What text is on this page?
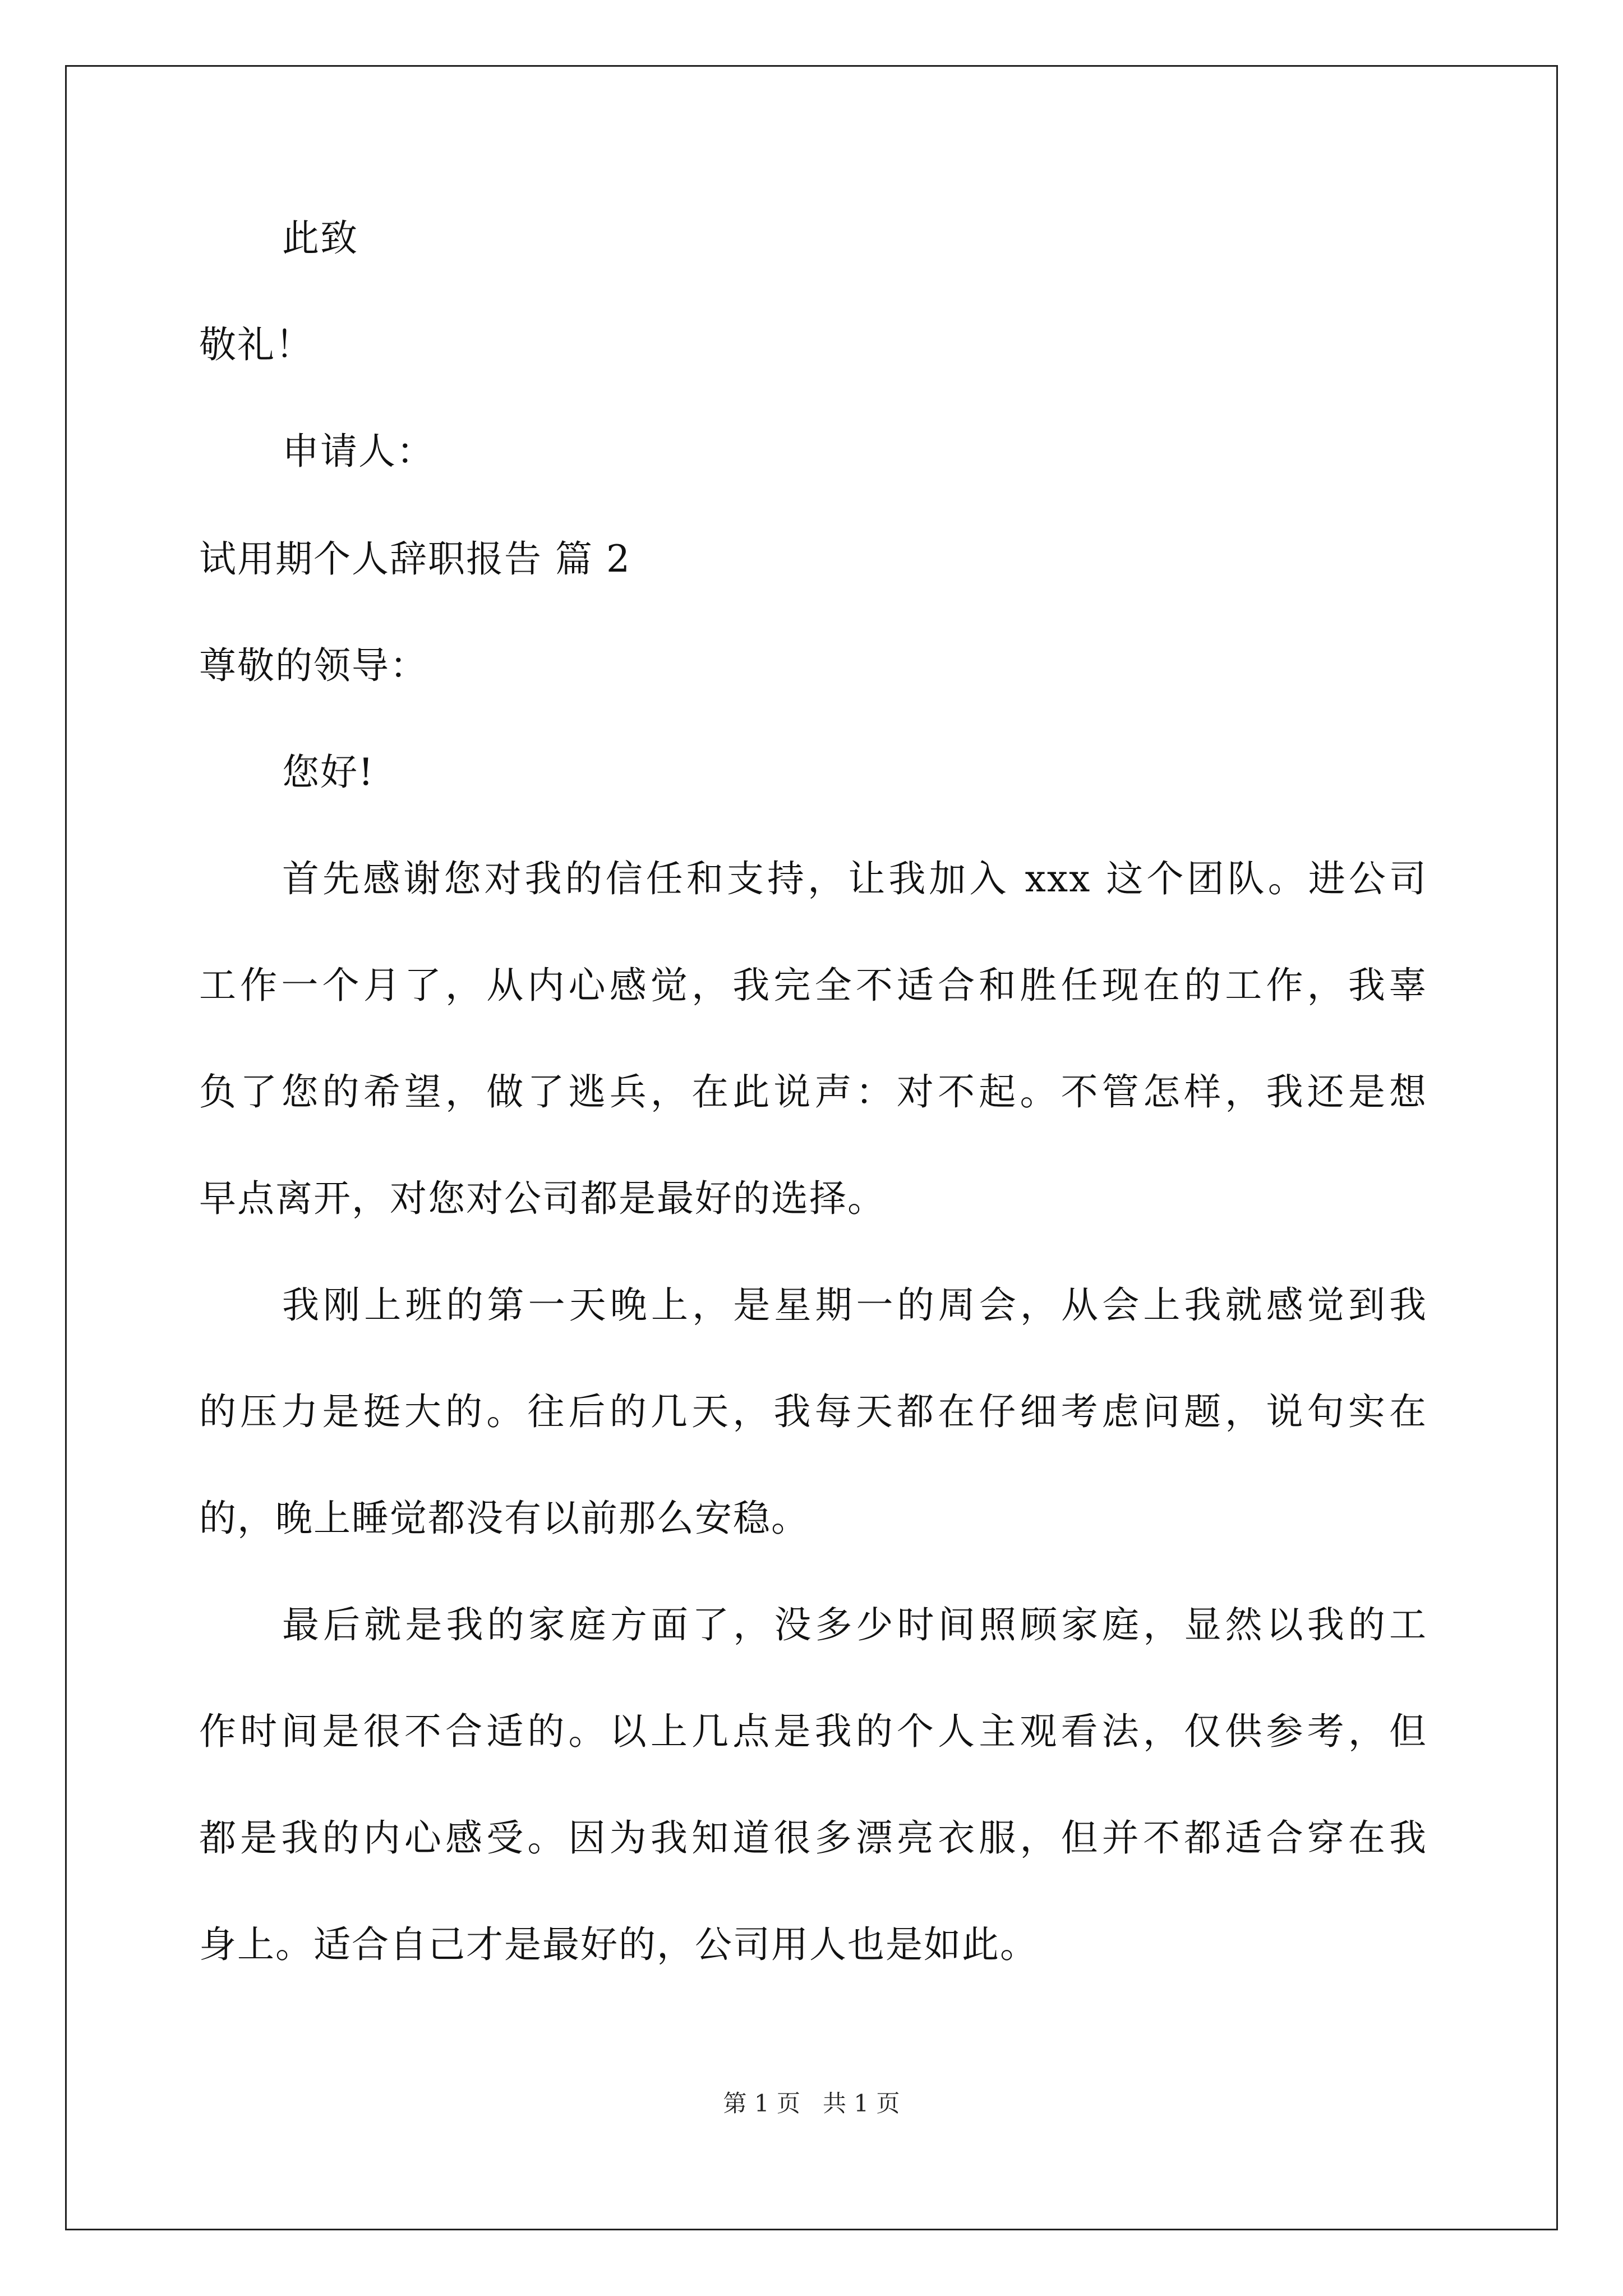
此致
敬礼！
申请人：
试用期个人辞职报告 篇 2
尊敬的领导：
您好!
首先感谢您对我的信任和支持，让我加入 xxx 这个团队。进公司
工作一个月了，从内心感觉，我完全不适合和胜任现在的工作，我辜
负了您的希望，做了逃兵，在此说声：对不起。不管怎样，我还是想
早点离开，对您对公司都是最好的选择。
我刚上班的第一天晚上，是星期一的周会，从会上我就感觉到我
的压力是挺大的。往后的几天，我每天都在仔细考虑问题，说句实在
的，晚上睡觉都没有以前那么安稳。
最后就是我的家庭方面了，没多少时间照顾家庭，显然以我的工
作时间是很不合适的。以上几点是我的个人主观看法，仅供参考，但
都是我的内心感受。因为我知道很多漂亮衣服，但并不都适合穿在我
身上。适合自己才是最好的，公司用人也是如此。
第 1 页   共 1 页
